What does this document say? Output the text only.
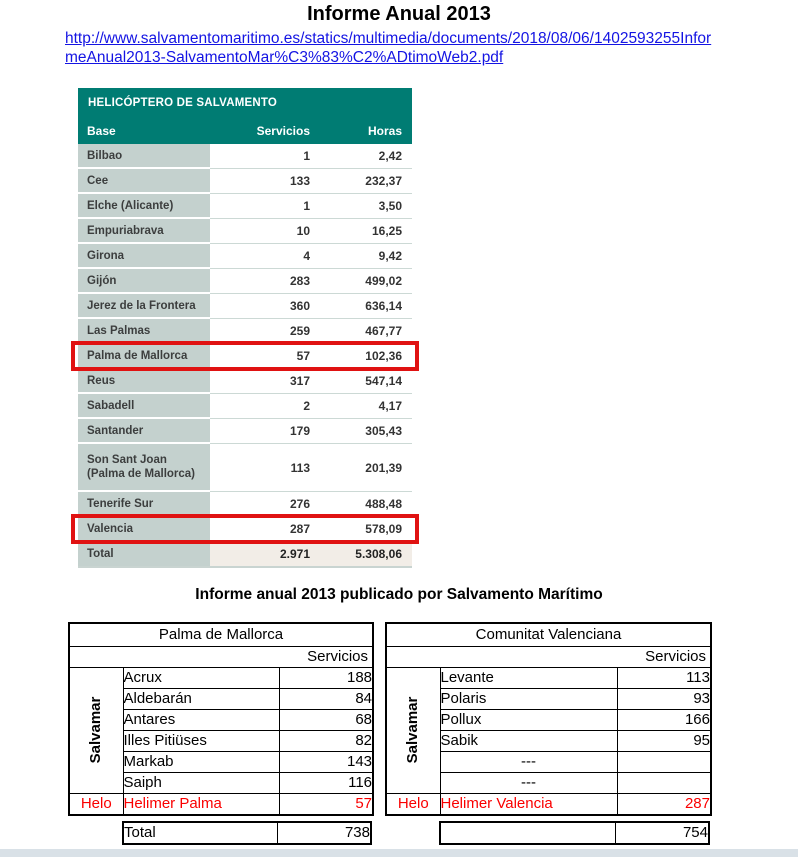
Informe Anual 2013
http://www.salvamentomaritimo.es/statics/multimedia/documents/2018/08/06/1402593255Infor
meAnual2013-SalvamentoMar%C3%83%C2%ADtimoWeb2.pdf
HELICÓPTERO DE SALVAMENTO
Base	Servicios	Horas
Bilbao	1	2,42
Cee	133	232,37
Elche (Alicante)	1	3,50
Empuriabrava	10	16,25
Girona	4	9,42
Gijón	283	499,02
Jerez de la Frontera	360	636,14
Las Palmas	259	467,77
Palma de Mallorca	57	102,36
Reus	317	547,14
Sabadell	2	4,17
Santander	179	305,43
Son Sant Joan (Palma de Mallorca)	113	201,39
Tenerife Sur	276	488,48
Valencia	287	578,09
Total	2.971	5.308,06
Informe anual 2013 publicado por Salvamento Marítimo
Palma de Mallorca		
Servicios		

Salvamar	Acrux	188
	Aldebarán	84
	Antares	68
	Illes Pitiüses	82
	Markab	143
	Saiph	116
Helo	Helimer Palma	57
Total	738
Comunitat Valenciana		
Servicios		

Salvamar	Levante	113
	Polaris	93
	Pollux	166
	Sabik	95
	---	
	---	
Helo	Helimer Valencia	287
	754
